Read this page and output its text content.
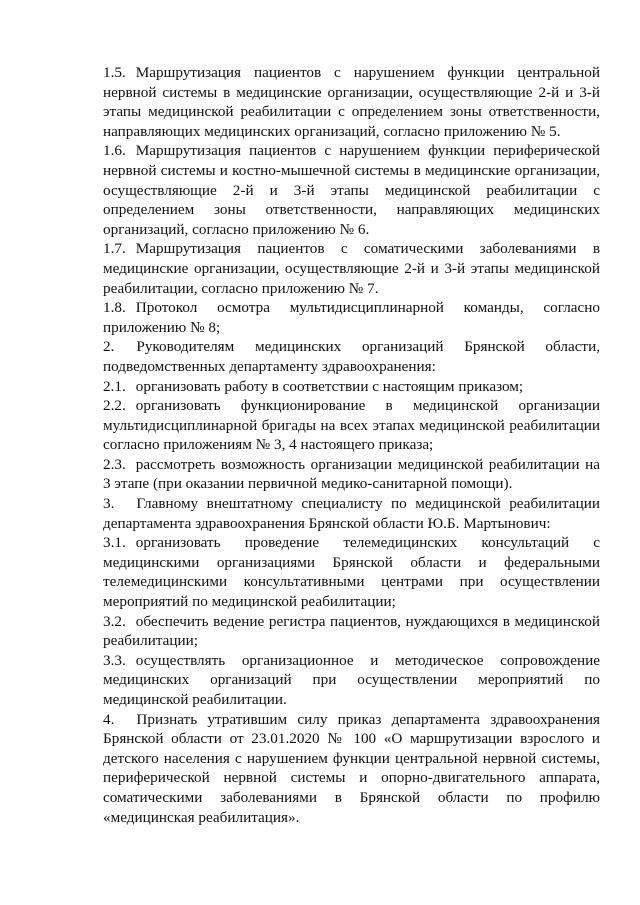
1.5. Маршрутизация пациентов с нарушением функции центральной нервной системы в медицинские организации, осуществляющие 2-й и 3-й этапы медицинской реабилитации с определением зоны ответственности, направляющих медицинских организаций, согласно приложению № 5.

1.6. Маршрутизация пациентов с нарушением функции периферической нервной системы и костно-мышечной системы в медицинские организации, осуществляющие 2-й и 3-й этапы медицинской реабилитации с определением зоны ответственности, направляющих медицинских организаций, согласно приложению № 6.

1.7. Маршрутизация пациентов с соматическими заболеваниями в медицинские организации, осуществляющие 2-й и 3-й этапы медицинской реабилитации, согласно приложению № 7.

1.8. Протокол осмотра мультидисциплинарной команды, согласно приложению № 8;

2. Руководителям медицинских организаций Брянской области, подведомственных департаменту здравоохранения:

2.1. организовать работу в соответствии с настоящим приказом;

2.2. организовать функционирование в медицинской организации мультидисциплинарной бригады на всех этапах медицинской реабилитации согласно приложениям № 3, 4 настоящего приказа;

2.3. рассмотреть возможность организации медицинской реабилитации на 3 этапе (при оказании первичной медико-санитарной помощи).

3. Главному внештатному специалисту по медицинской реабилитации департамента здравоохранения Брянской области Ю.Б. Мартынович:

3.1. организовать проведение телемедицинских консультаций с медицинскими организациями Брянской области и федеральными телемедицинскими консультативными центрами при осуществлении мероприятий по медицинской реабилитации;

3.2. обеспечить ведение регистра пациентов, нуждающихся в медицинской реабилитации;

3.3. осуществлять организационное и методическое сопровождение медицинских организаций при осуществлении мероприятий по медицинской реабилитации.

4. Признать утратившим силу приказ департамента здравоохранения Брянской области от 23.01.2020 № 100 «О маршрутизации взрослого и детского населения с нарушением функции центральной нервной системы, периферической нервной системы и опорно-двигательного аппарата, соматическими заболеваниями в Брянской области по профилю «медицинская реабилитация».
